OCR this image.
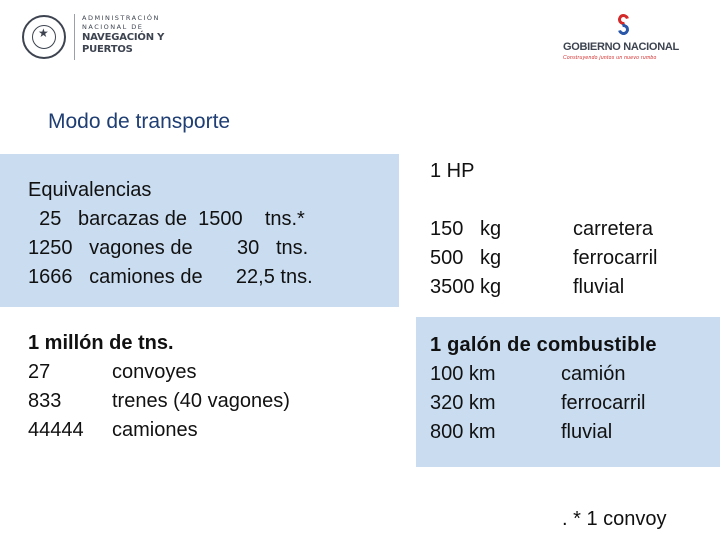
★
ADMINISTRACIÓN
NACIONAL DE
NAVEGACIÓN Y
PUERTOS	GOBIERNO NACIONAL
Construyendo juntos un nuevo rumbo
Modo de transporte
Equivalencias
25   barcazas de  1500    tns.*
1250   vagones de        30   tns.
1666   camiones de      22,5 tns.
1 HP
150   kg	carretera
500   kg	ferrocarril
3500 kg	fluvial
1 millón de tns.
27	convoyes
833	trenes (40 vagones)
44444 camiones
1 galón de combustible
100 km	camión
320 km	ferrocarril
800 km	fluvial
. * 1 convoy
